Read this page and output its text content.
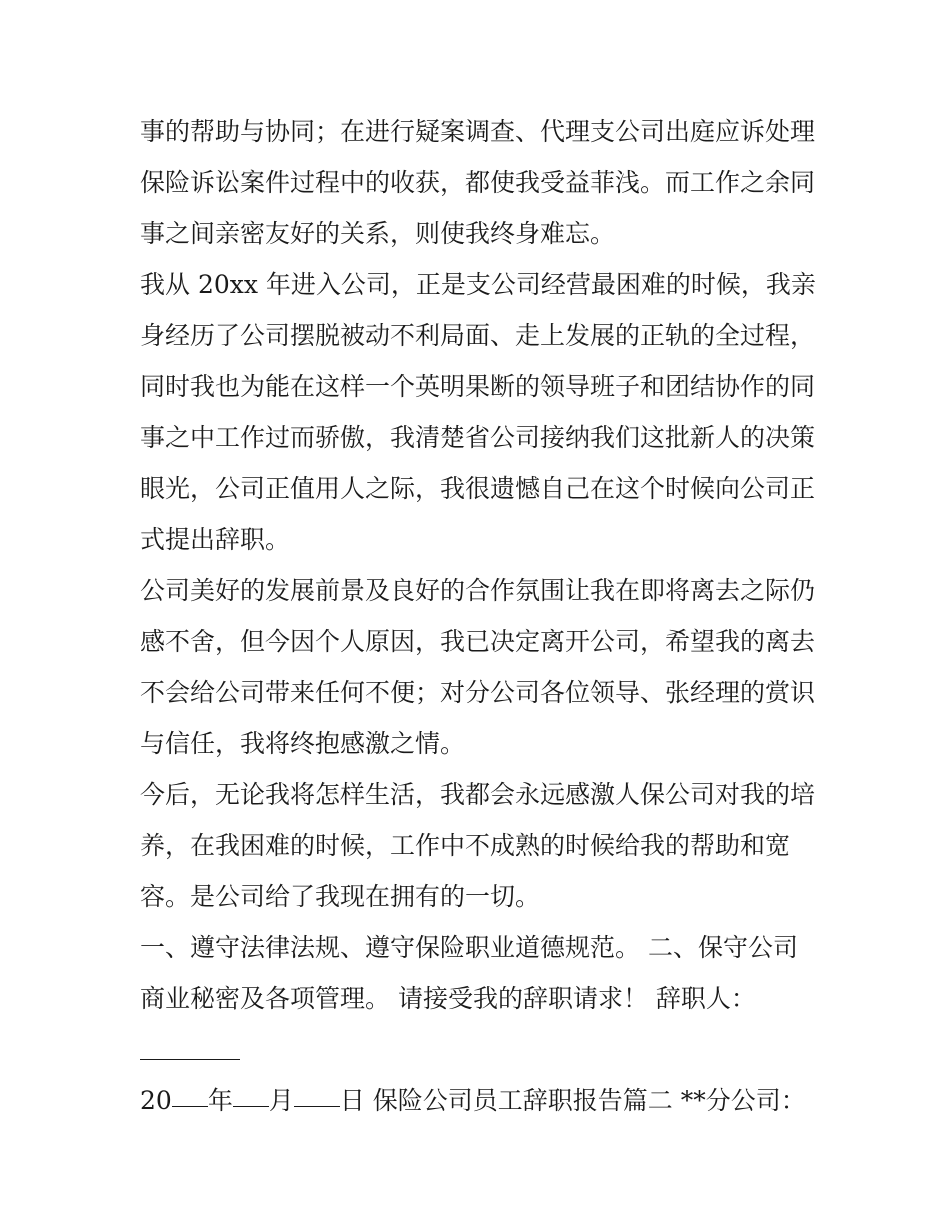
事的帮助与协同；在进行疑案调查、代理支公司出庭应诉处理
保险诉讼案件过程中的收获，都使我受益菲浅。而工作之余同
事之间亲密友好的关系，则使我终身难忘。
我从 20xx 年进入公司，正是支公司经营最困难的时候，我亲
身经历了公司摆脱被动不利局面、走上发展的正轨的全过程，
同时我也为能在这样一个英明果断的领导班子和团结协作的同
事之中工作过而骄傲，我清楚省公司接纳我们这批新人的决策
眼光，公司正值用人之际，我很遗憾自己在这个时候向公司正
式提出辞职。
公司美好的发展前景及良好的合作氛围让我在即将离去之际仍
感不舍，但今因个人原因，我已决定离开公司，希望我的离去
不会给公司带来任何不便；对分公司各位领导、张经理的赏识
与信任，我将终抱感激之情。
今后，无论我将怎样生活，我都会永远感激人保公司对我的培
养，在我困难的时候，工作中不成熟的时候给我的帮助和宽
容。是公司给了我现在拥有的一切。
一、遵守法律法规、遵守保险职业道德规范。 二、保守公司
商业秘密及各项管理。 请接受我的辞职请求！ 辞职人：
20 年 月 日 保险公司员工辞职报告篇二 **分公司：
